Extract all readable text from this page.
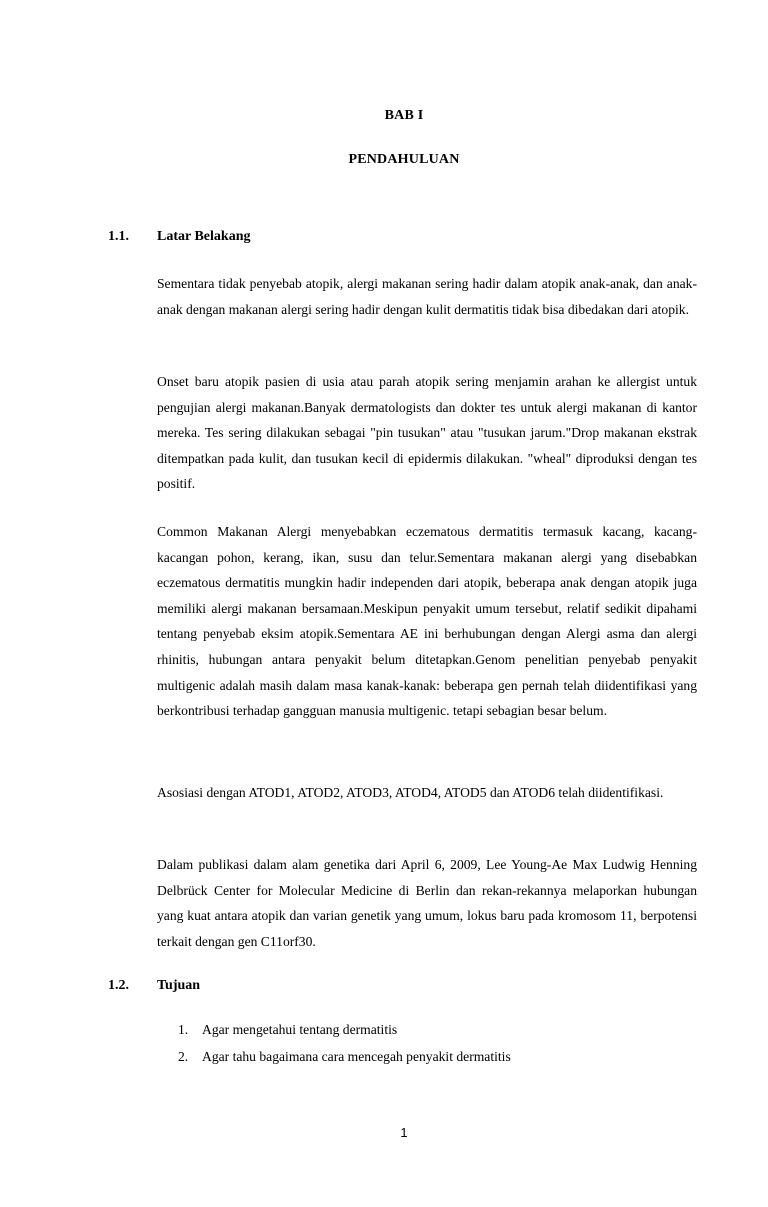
BAB I
PENDAHULUAN
1.1. Latar Belakang

Sementara tidak penyebab atopik, alergi makanan sering hadir dalam atopik anak-anak, dan anak-anak dengan makanan alergi sering hadir dengan kulit dermatitis tidak bisa dibedakan dari atopik.

Onset baru atopik pasien di usia atau parah atopik sering menjamin arahan ke allergist untuk pengujian alergi makanan.Banyak dermatologists dan dokter tes untuk alergi makanan di kantor mereka. Tes sering dilakukan sebagai "pin tusukan" atau "tusukan jarum."Drop makanan ekstrak ditempatkan pada kulit, dan tusukan kecil di epidermis dilakukan. "wheal" diproduksi dengan tes positif.

Common Makanan Alergi menyebabkan eczematous dermatitis termasuk kacang, kacang-kacangan pohon, kerang, ikan, susu dan telur.Sementara makanan alergi yang disebabkan eczematous dermatitis mungkin hadir independen dari atopik, beberapa anak dengan atopik juga memiliki alergi makanan bersamaan.Meskipun penyakit umum tersebut, relatif sedikit dipahami tentang penyebab eksim atopik.Sementara AE ini berhubungan dengan Alergi asma dan alergi rhinitis, hubungan antara penyakit belum ditetapkan.Genom penelitian penyebab penyakit multigenic adalah masih dalam masa kanak-kanak: beberapa gen pernah telah diidentifikasi yang berkontribusi terhadap gangguan manusia multigenic. tetapi sebagian besar belum.

Asosiasi dengan ATOD1, ATOD2, ATOD3, ATOD4, ATOD5 dan ATOD6 telah diidentifikasi.

Dalam publikasi dalam alam genetika dari April 6, 2009, Lee Young-Ae Max Ludwig Henning Delbrück Center for Molecular Medicine di Berlin dan rekan-rekannya melaporkan hubungan yang kuat antara atopik dan varian genetik yang umum, lokus baru pada kromosom 11, berpotensi terkait dengan gen C11orf30.

1.2. Tujuan
1. Agar mengetahui tentang dermatitis
2. Agar tahu bagaimana cara mencegah penyakit dermatitis
1
